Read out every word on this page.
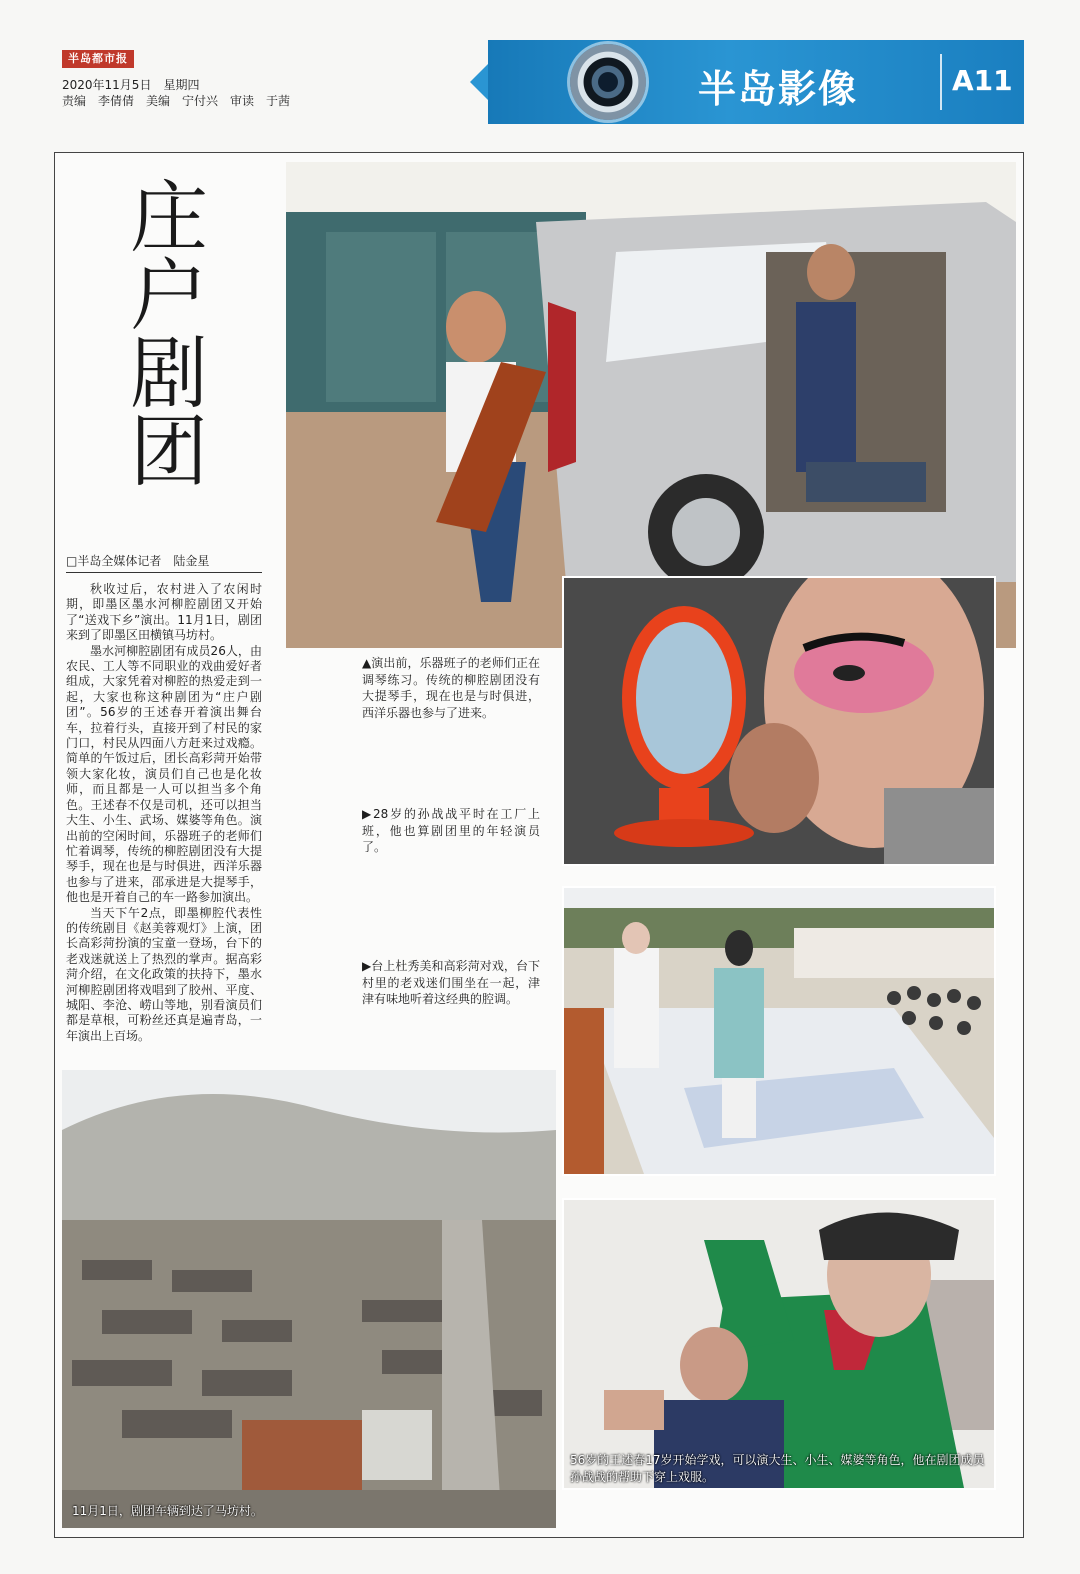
半岛都市报
2020年11月5日　星期四
责编　李倩倩　美编　宁付兴　审读　于茜	半岛影像	A11
庄户剧团
□半岛全媒体记者　陆金星

秋收过后，农村进入了农闲时期，即墨区墨水河柳腔剧团又开始了“送戏下乡”演出。11月1日，剧团来到了即墨区田横镇马坊村。

墨水河柳腔剧团有成员26人，由农民、工人等不同职业的戏曲爱好者组成，大家凭着对柳腔的热爱走到一起，大家也称这种剧团为“庄户剧团”。56岁的王述春开着演出舞台车，拉着行头，直接开到了村民的家门口，村民从四面八方赶来过戏瘾。简单的午饭过后，团长高彩菏开始带领大家化妆，演员们自己也是化妆师，而且都是一人可以担当多个角色。王述春不仅是司机，还可以担当大生、小生、武场、媒婆等角色。演出前的空闲时间，乐器班子的老师们忙着调琴，传统的柳腔剧团没有大提琴手，现在也是与时俱进，西洋乐器也参与了进来，邵承进是大提琴手，他也是开着自己的车一路参加演出。

当天下午2点，即墨柳腔代表性的传统剧目《赵美蓉观灯》上演，团长高彩菏扮演的宝童一登场，台下的老戏迷就送上了热烈的掌声。据高彩菏介绍，在文化政策的扶持下，墨水河柳腔剧团将戏唱到了胶州、平度、城阳、李沧、崂山等地，别看演员们都是草根，可粉丝还真是遍青岛，一年演出上百场。

▲演出前，乐器班子的老师们正在调琴练习。传统的柳腔剧团没有大提琴手，现在也是与时俱进，西洋乐器也参与了进来。
▶28岁的孙战战平时在工厂上班，他也算剧团里的年轻演员了。
▶台上杜秀美和高彩菏对戏，台下村里的老戏迷们围坐在一起，津津有味地听着这经典的腔调。
11月1日，剧团车辆到达了马坊村。
56岁的王述春17岁开始学戏，可以演大生、小生、媒婆等角色，他在剧团成员孙战战的帮助下穿上戏服。
